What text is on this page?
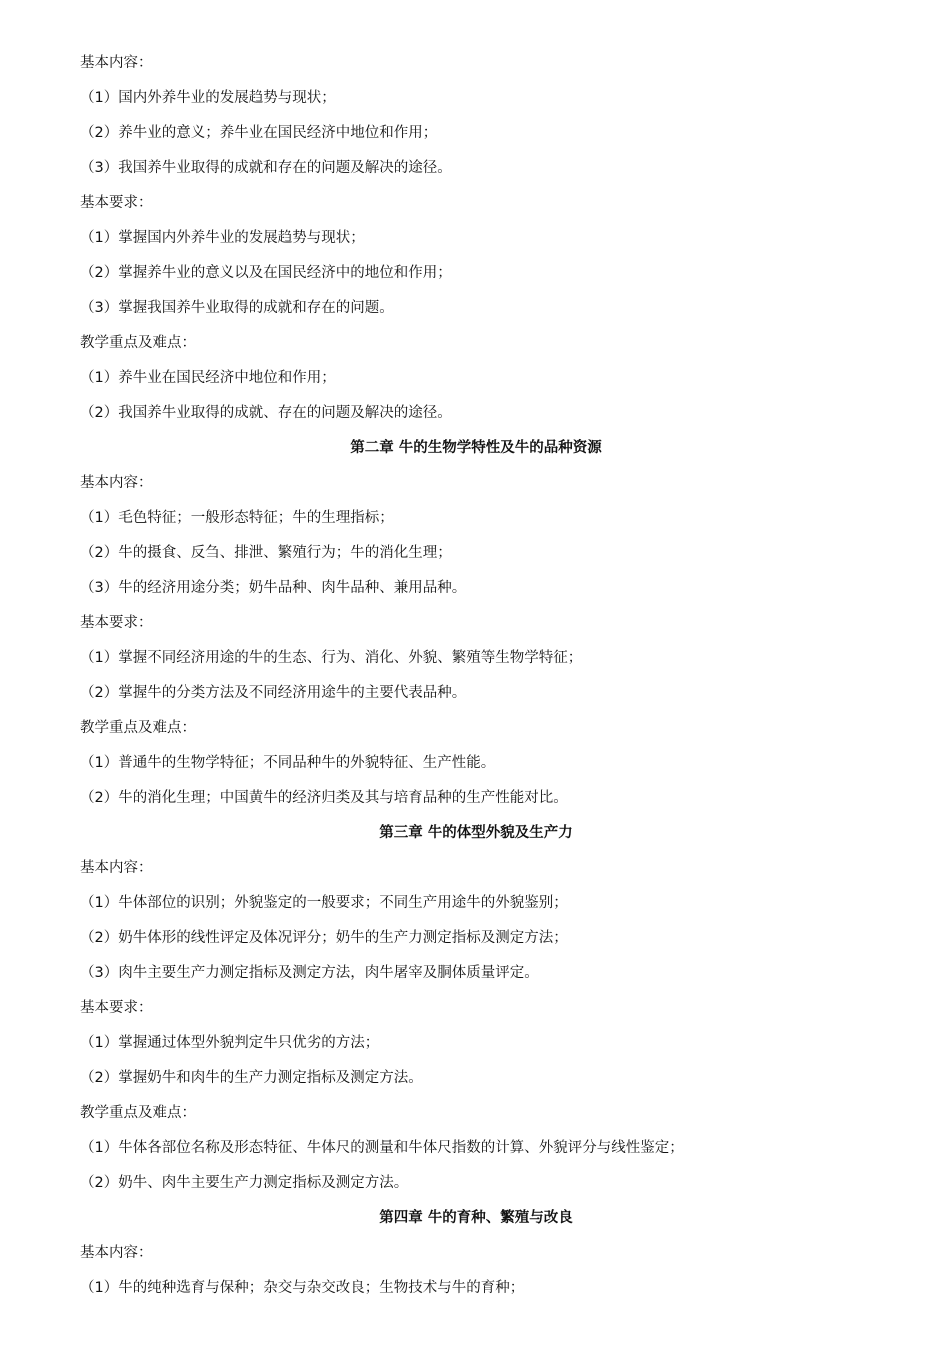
基本内容：
（1）国内外养牛业的发展趋势与现状；
（2）养牛业的意义；养牛业在国民经济中地位和作用；
（3）我国养牛业取得的成就和存在的问题及解决的途径。
基本要求：
（1）掌握国内外养牛业的发展趋势与现状；
（2）掌握养牛业的意义以及在国民经济中的地位和作用；
（3）掌握我国养牛业取得的成就和存在的问题。
教学重点及难点：
（1）养牛业在国民经济中地位和作用；
（2）我国养牛业取得的成就、存在的问题及解决的途径。
第二章 牛的生物学特性及牛的品种资源
基本内容：
（1）毛色特征；一般形态特征；牛的生理指标；
（2）牛的摄食、反刍、排泄、繁殖行为；牛的消化生理；
（3）牛的经济用途分类；奶牛品种、肉牛品种、兼用品种。
基本要求：
（1）掌握不同经济用途的牛的生态、行为、消化、外貌、繁殖等生物学特征；
（2）掌握牛的分类方法及不同经济用途牛的主要代表品种。
教学重点及难点：
（1）普通牛的生物学特征；不同品种牛的外貌特征、生产性能。
（2）牛的消化生理；中国黄牛的经济归类及其与培育品种的生产性能对比。
第三章 牛的体型外貌及生产力
基本内容：
（1）牛体部位的识别；外貌鉴定的一般要求；不同生产用途牛的外貌鉴别；
（2）奶牛体形的线性评定及体况评分；奶牛的生产力测定指标及测定方法；
（3）肉牛主要生产力测定指标及测定方法，肉牛屠宰及胴体质量评定。
基本要求：
（1）掌握通过体型外貌判定牛只优劣的方法；
（2）掌握奶牛和肉牛的生产力测定指标及测定方法。
教学重点及难点：
（1）牛体各部位名称及形态特征、牛体尺的测量和牛体尺指数的计算、外貌评分与线性鉴定；
（2）奶牛、肉牛主要生产力测定指标及测定方法。
第四章 牛的育种、繁殖与改良
基本内容：
（1）牛的纯种选育与保种；杂交与杂交改良；生物技术与牛的育种；
